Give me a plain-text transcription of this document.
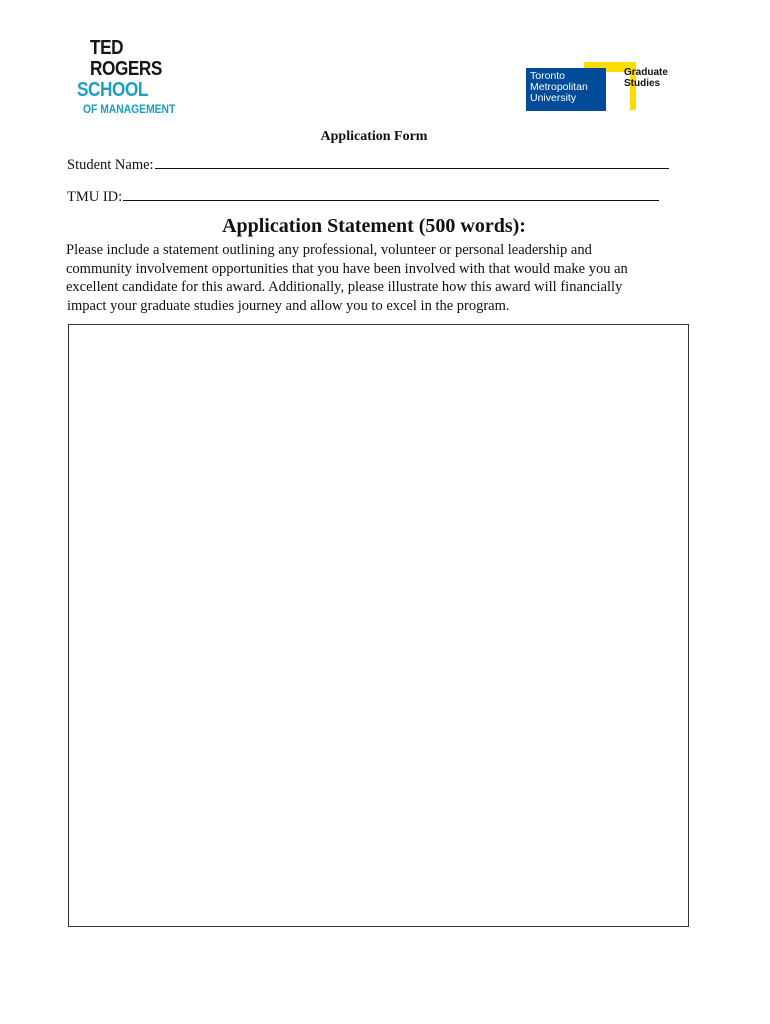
TED
ROGERS
SCHOOL
OF MANAGEMENT
Toronto
Metropolitan
University
Graduate
Studies
Application Form
Student Name:
TMU ID:
Application Statement (500 words):
Please include a statement outlining any professional, volunteer or personal leadership and
community involvement opportunities that you have been involved with that would make you an
excellent candidate for this award. Additionally, please illustrate how this award will financially
impact your graduate studies journey and allow you to excel in the program.
